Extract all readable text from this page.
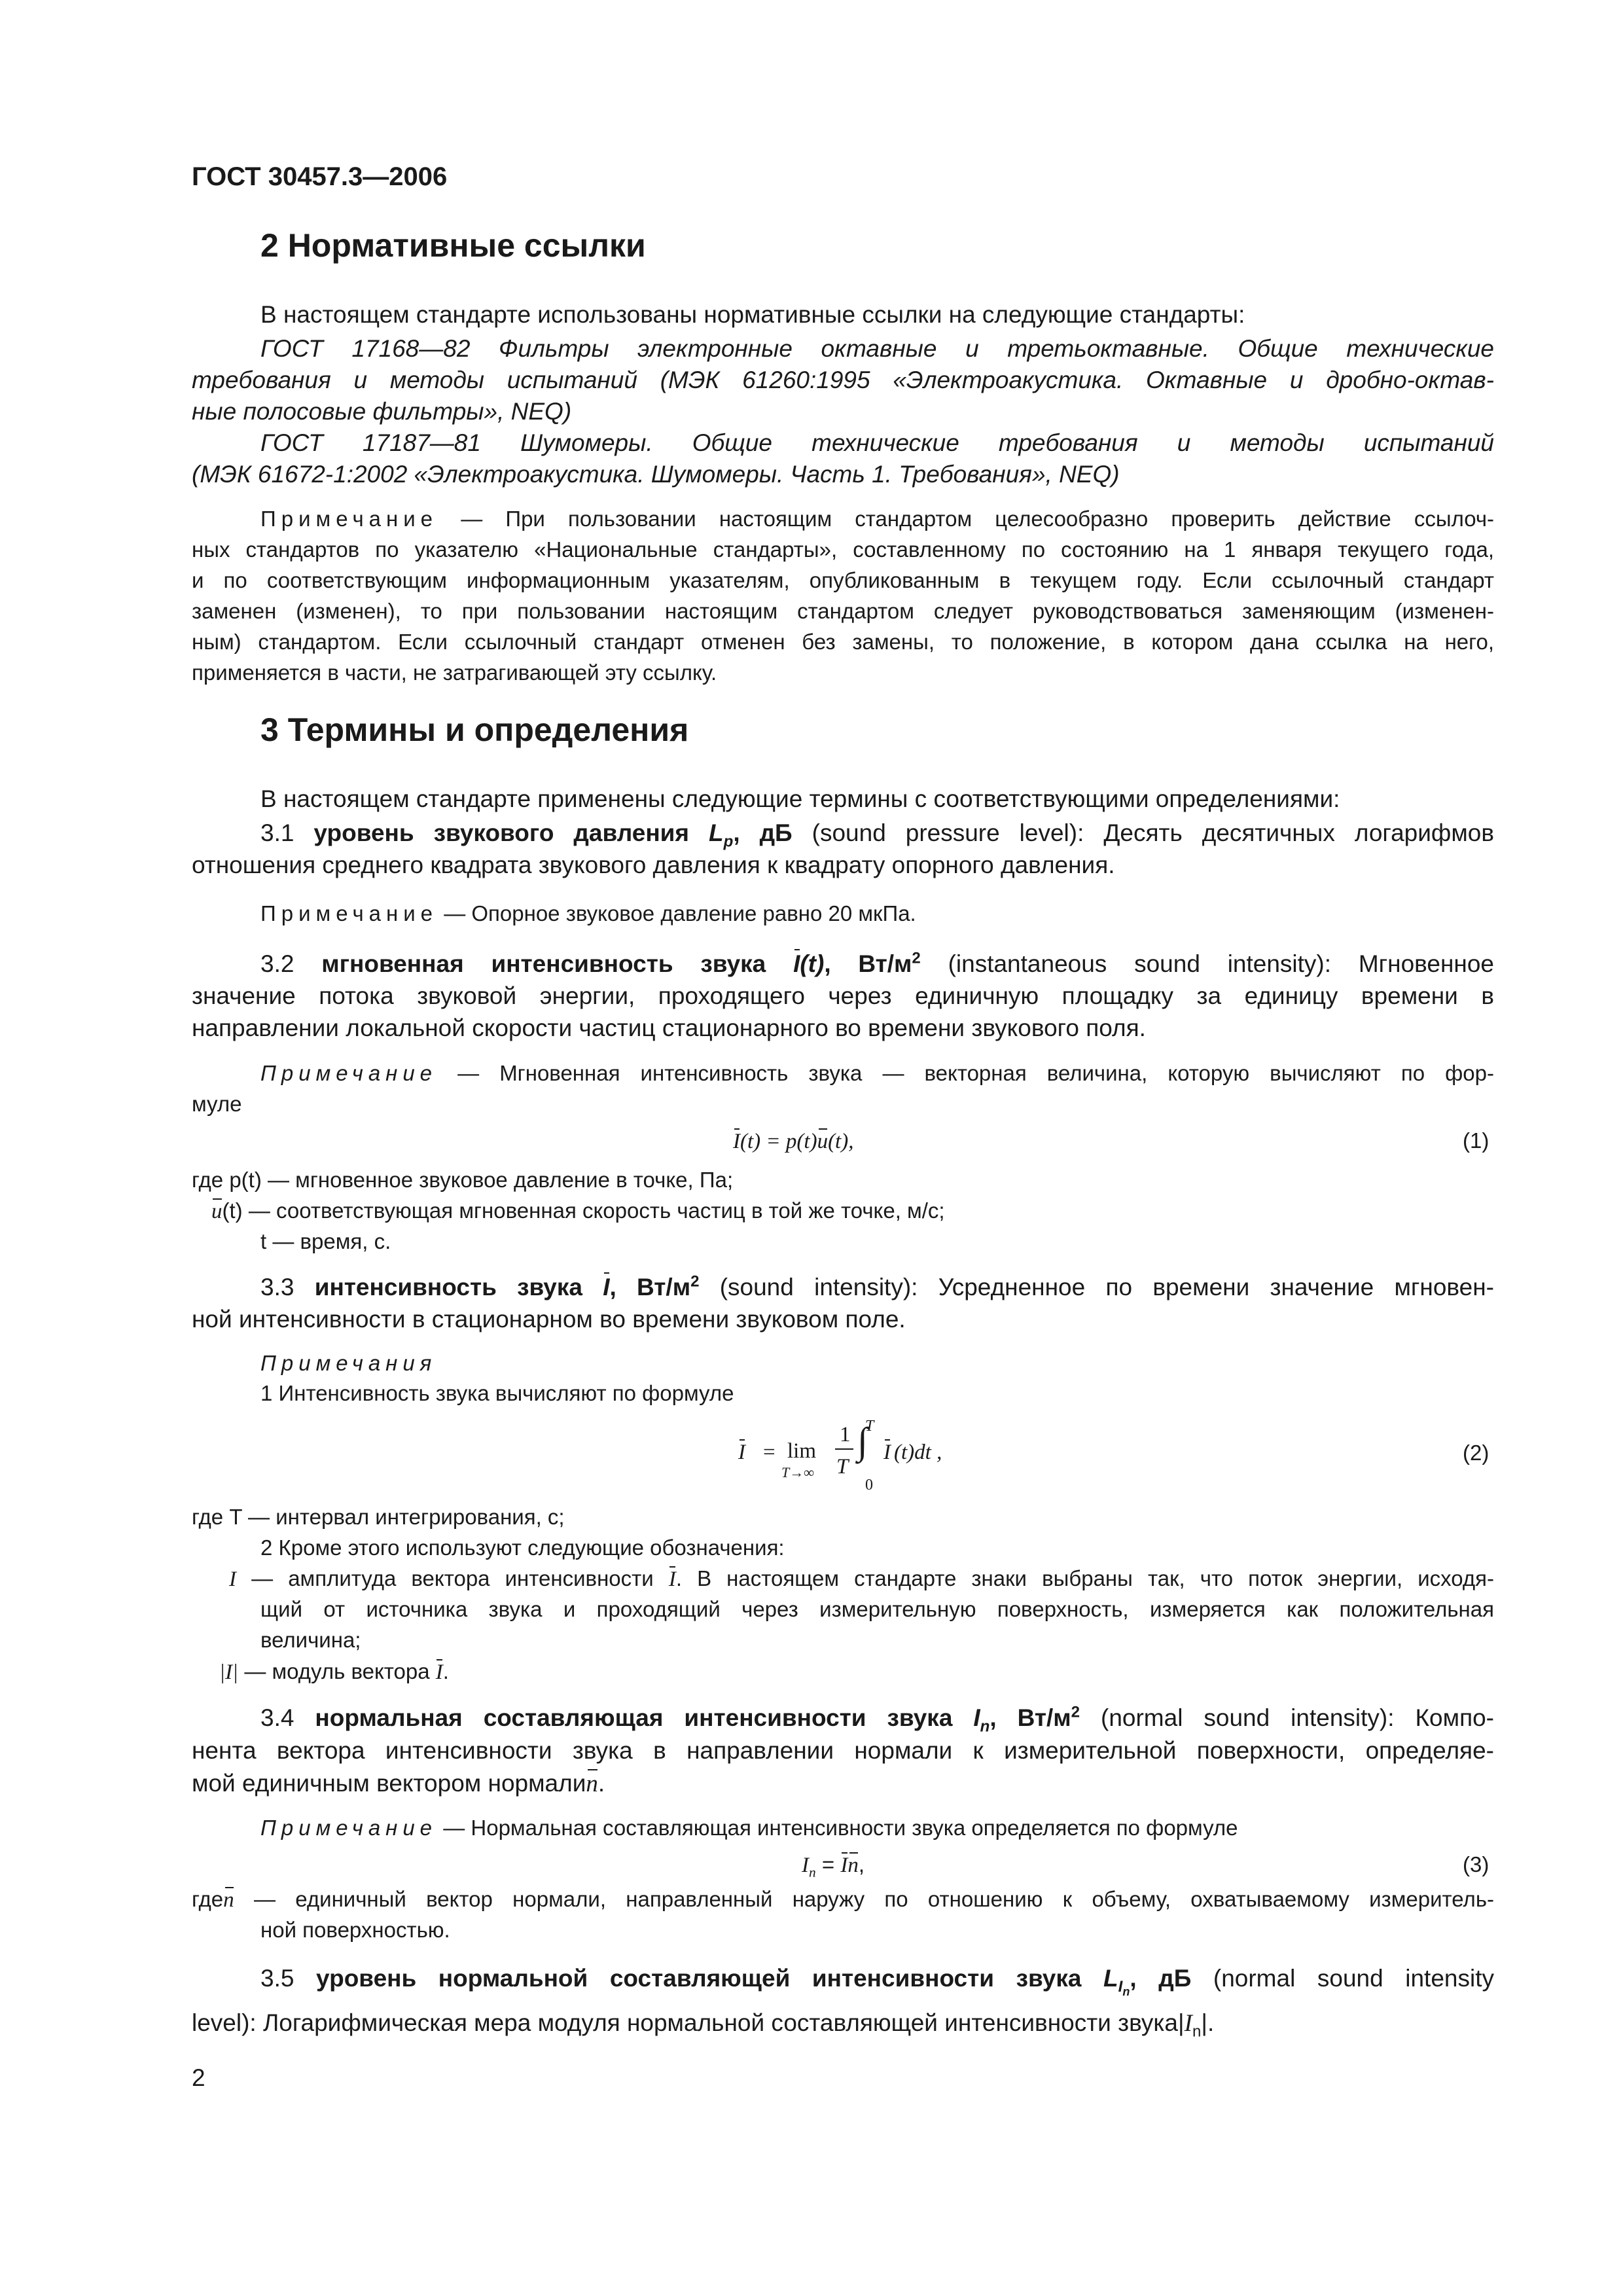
ГОСТ 30457.3—2006
2 Нормативные ссылки
В настоящем стандарте использованы нормативные ссылки на следующие стандарты:
ГОСТ 17168—82 Фильтры электронные октавные и третьоктавные. Общие технические
требования и методы испытаний (МЭК 61260:1995 «Электроакустика. Октавные и дробно-октав-
ные полосовые фильтры», NEQ)
ГОСТ 17187—81 Шумомеры. Общие технические требования и методы испытаний
(МЭК 61672-1:2002 «Электроакустика. Шумомеры. Часть 1. Требования», NEQ)
Примечание — При пользовании настоящим стандартом целесообразно проверить действие ссылоч-
ных стандартов по указателю «Национальные стандарты», составленному по состоянию на 1 января текущего года,
и по соответствующим информационным указателям, опубликованным в текущем году. Если ссылочный стандарт
заменен (изменен), то при пользовании настоящим стандартом следует руководствоваться заменяющим (изменен-
ным) стандартом. Если ссылочный стандарт отменен без замены, то положение, в котором дана ссылка на него,
применяется в части, не затрагивающей эту ссылку.
3 Термины и определения
В настоящем стандарте применены следующие термины с соответствующими определениями:
3.1 уровень звукового давления $L_p$, дБ (sound pressure level): Десять десятичных логарифмов
отношения среднего квадрата звукового давления к квадрату опорного давления.
Примечание — Опорное звуковое давление равно 20 мкПа.
3.2 мгновенная интенсивность звука I(t), $Вт/м^2$ (instantaneous sound intensity): Мгновенное
значение потока звуковой энергии, проходящего через единичную площадку за единицу времени в
направлении локальной скорости частиц стационарного во времени звукового поля.
Примечание — Мгновенная интенсивность звука — векторная величина, которую вычисляют по фор-
муле
I(t) = p(t)u(t),	(1)
где p(t) — мгновенное звуковое давление в точке, Па;
u(t) — соответствующая мгновенная скорость частиц в той же точке, м/с;
t — время, с.
3.3 интенсивность звука I, $Вт/м^2$ (sound intensity): Усредненное по времени значение мгновен-
ной интенсивности в стационарном во времени звуковом поле.
Примечания
1 Интенсивность звука вычисляют по формуле
I = lim
T→∞
1
T
T
∫
0
I (t)dt ,	(2)
где T — интервал интегрирования, с;
2 Кроме этого используют следующие обозначения:
I — амплитуда вектора интенсивности I. В настоящем стандарте знаки выбраны так, что поток энергии, исходя-
щий от источника звука и проходящий через измерительную поверхность, измеряется как положительная
величина;
|I| — модуль вектора I.
3.4 нормальная составляющая интенсивности звука $I_n$, $Вт/м^2$ (normal sound intensity): Компо-
нента вектора интенсивности звука в направлении нормали к измерительной поверхности, определяе-
мой единичным вектором нормалиn.
Примечание — Нормальная составляющая интенсивности звука определяется по формуле
$I_n = In$,	(3)
гдеn — единичный вектор нормали, направленный наружу по отношению к объему, охватываемому измеритель-
ной поверхностью.
3.5 уровень нормальной составляющей интенсивности звука $L_{I_n}$, дБ (normal sound intensity
level): Логарифмическая мера модуля нормальной составляющей интенсивности $звука|I_n|$.
2
